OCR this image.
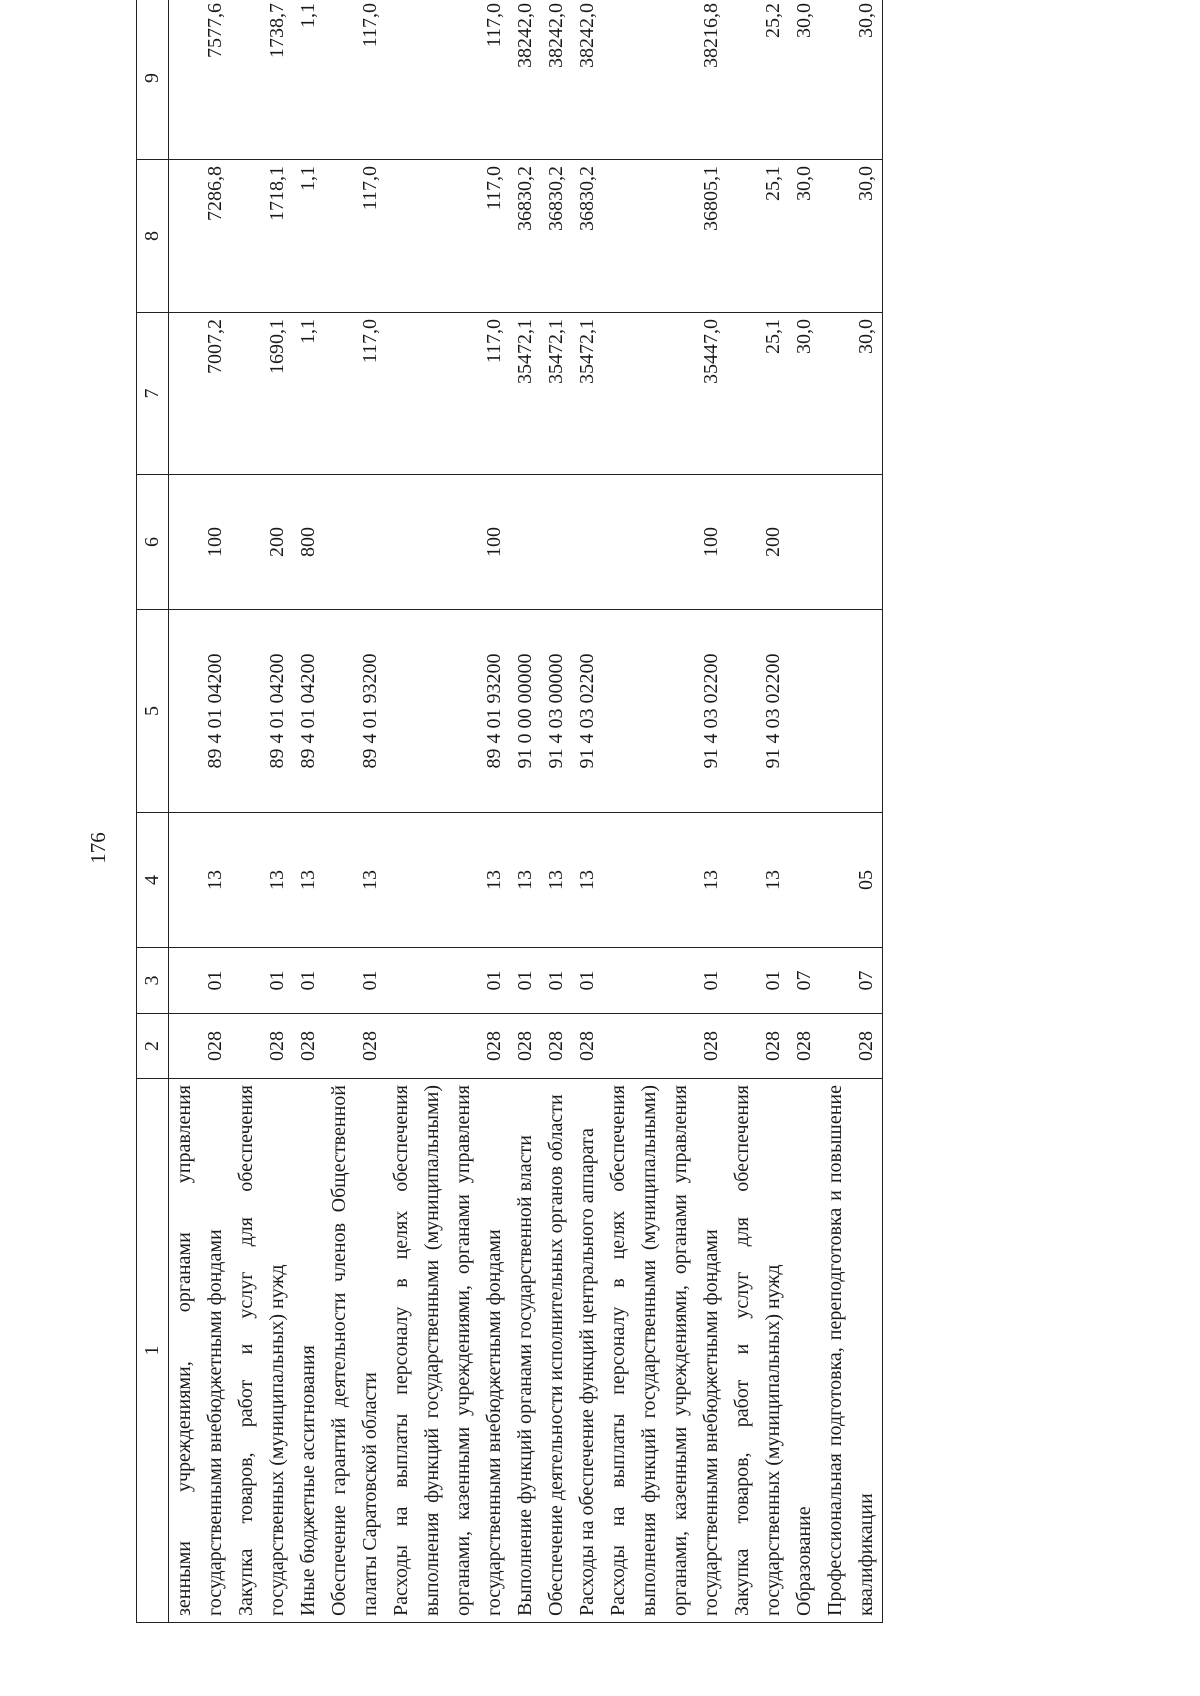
176
1	2	3	4	5	6	7	8	9
зенными учреждениями, органами управления государственными внебюджетными фондами	028	01	13	89 4 01 04200	100	7007,2	7286,8	7577,6
Закупка товаров, работ и услуг для обеспечения государственных (муниципальных) нужд	028	01	13	89 4 01 04200	200	1690,1	1718,1	1738,7
Иные бюджетные ассигнования	028	01	13	89 4 01 04200	800	1,1	1,1	1,1
Обеспечение гарантий деятельности членов Общественной палаты Саратовской области	028	01	13	89 4 01 93200		117,0	117,0	117,0
Расходы на выплаты персоналу в целях обеспечения выполнения функций государственными (муниципальными) органами, казенными учреждениями, органами управления государственными внебюджетными фондами	028	01	13	89 4 01 93200	100	117,0	117,0	117,0
Выполнение функций органами государственной власти	028	01	13	91 0 00 00000		35472,1	36830,2	38242,0
Обеспечение деятельности исполнительных органов области	028	01	13	91 4 03 00000		35472,1	36830,2	38242,0
Расходы на обеспечение функций центрального аппарата	028	01	13	91 4 03 02200		35472,1	36830,2	38242,0
Расходы на выплаты персоналу в целях обеспечения выполнения функций государственными (муниципальными) органами, казенными учреждениями, органами управления государственными внебюджетными фондами	028	01	13	91 4 03 02200	100	35447,0	36805,1	38216,8
Закупка товаров, работ и услуг для обеспечения государственных (муниципальных) нужд	028	01	13	91 4 03 02200	200	25,1	25,1	25,2
Образование	028	07				30,0	30,0	30,0
Профессиональная подготовка, переподготовка и повышение квалификации	028	07	05			30,0	30,0	30,0
